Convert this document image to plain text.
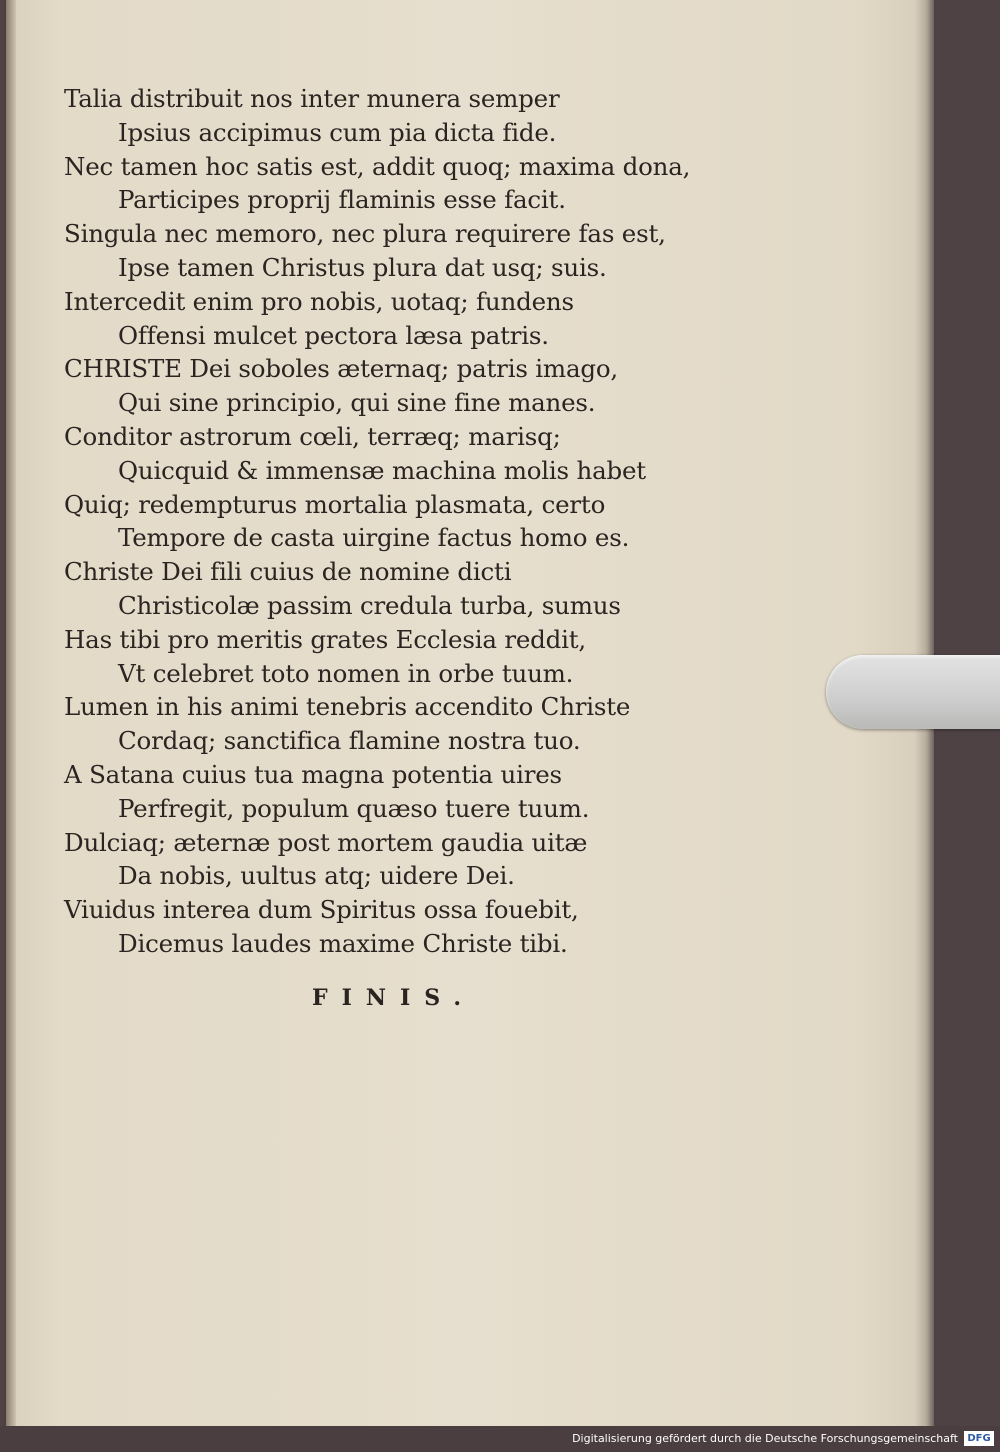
Talia distribuit nos inter munera semper
Ipsius accipimus cum pia dicta fide.
Nec tamen hoc satis est, addit quoq; maxima dona,
Participes proprij flaminis esse facit.
Singula nec memoro, nec plura requirere fas est,
Ipse tamen Christus plura dat usq; suis.
Intercedit enim pro nobis, uotaq; fundens
Offensi mulcet pectora læsa patris.
CHRISTE Dei soboles æternaq; patris imago,
Qui sine principio, qui sine fine manes.
Conditor astrorum cœli, terræq; marisq;
Quicquid & immensæ machina molis habet
Quiq; redempturus mortalia plasmata, certo
Tempore de casta uirgine factus homo es.
Christe Dei fili cuius de nomine dicti
Christicolæ passim credula turba, sumus
Has tibi pro meritis grates Ecclesia reddit,
Vt celebret toto nomen in orbe tuum.
Lumen in his animi tenebris accendito Christe
Cordaq; sanctifica flamine nostra tuo.
A Satana cuius tua magna potentia uires
Perfregit, populum quæso tuere tuum.
Dulciaq; æternæ post mortem gaudia uitæ
Da nobis, uultus atq; uidere Dei.
Viuidus interea dum Spiritus ossa fouebit,
Dicemus laudes maxime Christe tibi.
FINIS.
Digitalisierung gefördert durch die Deutsche Forschungsgemeinschaft DFG
